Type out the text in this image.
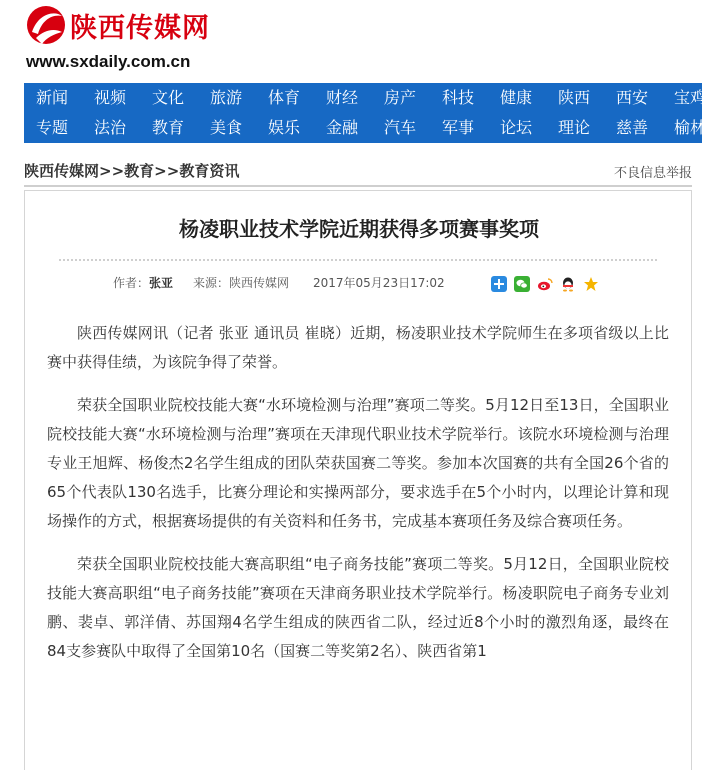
陕西传媒网
www.sxdaily.com.cn
新闻 视频 文化 旅游 体育 财经 房产 科技 健康 陕西 西安 宝鸡
专题 法治 教育 美食 娱乐 金融 汽车 军事 论坛 理论 慈善 榆林
陕西传媒网>>教育>>教育资讯	不良信息举报
杨凌职业技术学院近期获得多项赛事奖项
作者：张亚 来源：陕西传媒网 2017年05月23日17:02

陕西传媒网讯（记者 张亚 通讯员 崔晓）近期，杨凌职业技术学院师生在多项省级以上比赛中获得佳绩，为该院争得了荣誉。

荣获全国职业院校技能大赛“水环境检测与治理”赛项二等奖。5月12日至13日，全国职业院校技能大赛“水环境检测与治理”赛项在天津现代职业技术学院举行。该院水环境检测与治理专业王旭辉、杨俊杰2名学生组成的团队荣获国赛二等奖。参加本次国赛的共有全国26个省的65个代表队130名选手，比赛分理论和实操两部分，要求选手在5个小时内，以理论计算和现场操作的方式，根据赛场提供的有关资料和任务书，完成基本赛项任务及综合赛项任务。

荣获全国职业院校技能大赛高职组“电子商务技能”赛项二等奖。5月12日，全国职业院校技能大赛高职组“电子商务技能”赛项在天津商务职业技术学院举行。杨凌职院电子商务专业刘鹏、裴卓、郭洋倩、苏国翔4名学生组成的陕西省二队，经过近8个小时的激烈角逐，最终在84支参赛队中取得了全国第10名（国赛二等奖第2名）、陕西省第1
